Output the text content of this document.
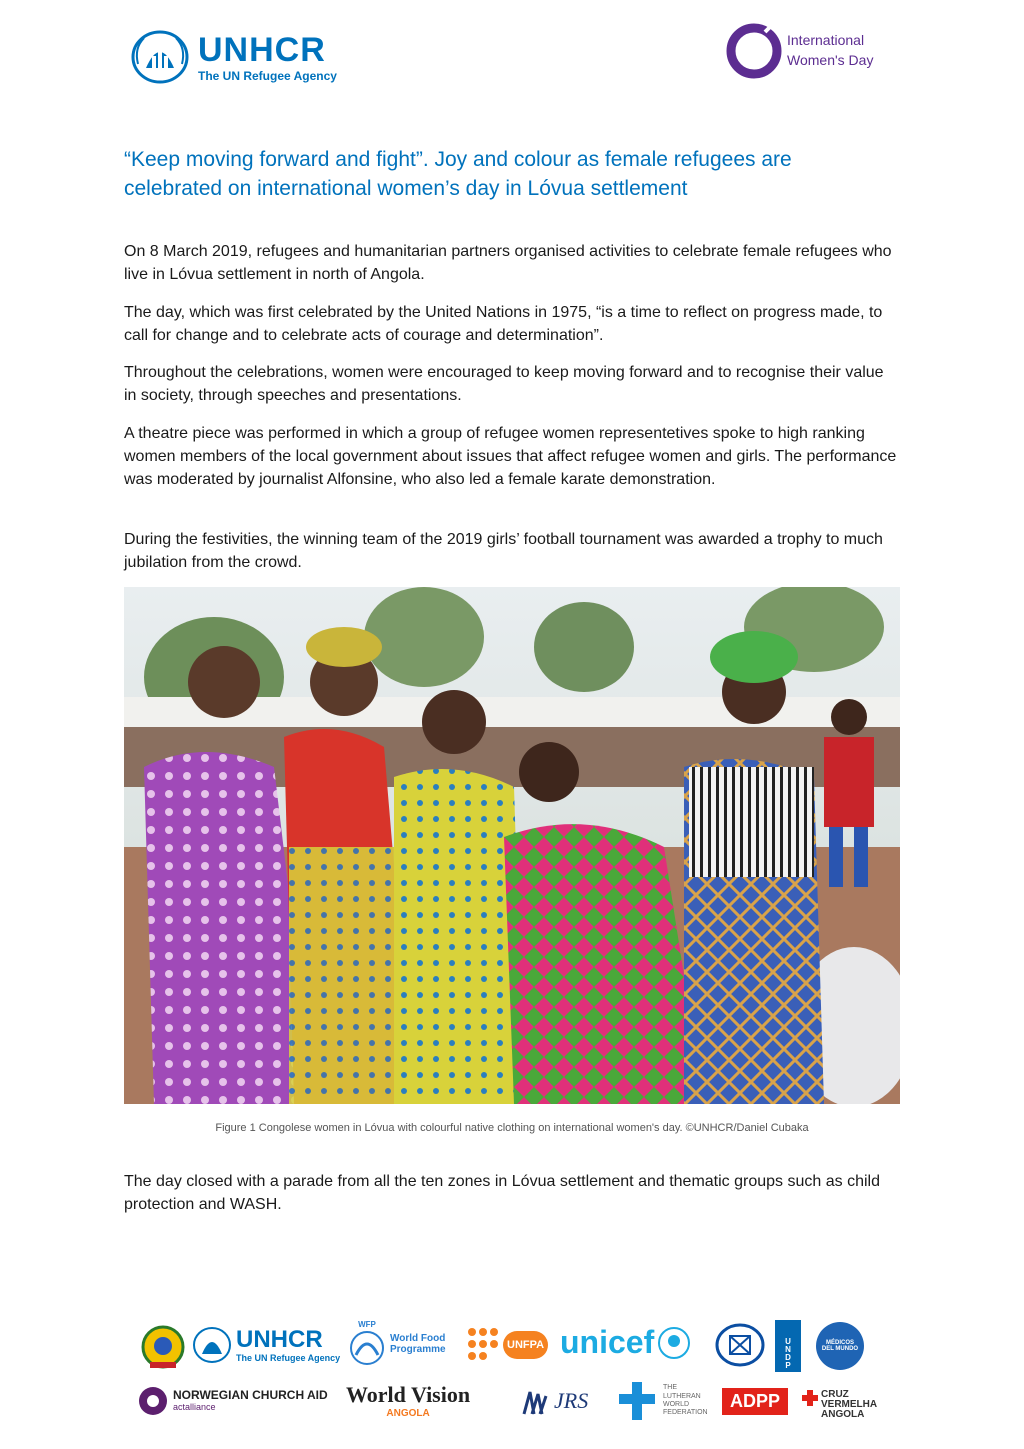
UNHCR
The UN Refugee Agency
International
Women's Day
“Keep moving forward and fight”. Joy and colour as female refugees are celebrated on international women’s day in Lóvua settlement

On 8 March 2019, refugees and humanitarian partners organised activities to celebrate female refugees who live in Lóvua settlement in north of Angola.

The day, which was first celebrated by the United Nations in 1975, “is a time to reflect on progress made, to call for change and to celebrate acts of courage and determination”.

Throughout the celebrations, women were encouraged to keep moving forward and to recognise their value in society, through speeches and presentations.

A theatre piece was performed in which a group of refugee women representetives spoke to high ranking women members of the local government about issues that affect refugee women and girls. The performance was moderated by journalist Alfonsine, who also led a female karate demonstration.

During the festivities, the winning team of the 2019 girls’ football tournament was awarded a trophy to much jubilation from the crowd.

Figure 1 Congolese women in Lóvua with colourful native clothing on international women's day. ©UNHCR/Daniel Cubaka

The day closed with a parade from all the ten zones in Lóvua settlement and thematic groups such as child protection and WASH.

UNHCR
The UN Refugee Agency
WFP
World Food Programme	UNFPA unicef	UNDP	MÉDICOS DEL MUNDO
NORWEGIAN CHURCH AID
actalliance	World Vision
ANGOLA
JRS
THE LUTHERAN WORLD FEDERATION
ADPP	CRUZ
VERMELHA
ANGOLA
